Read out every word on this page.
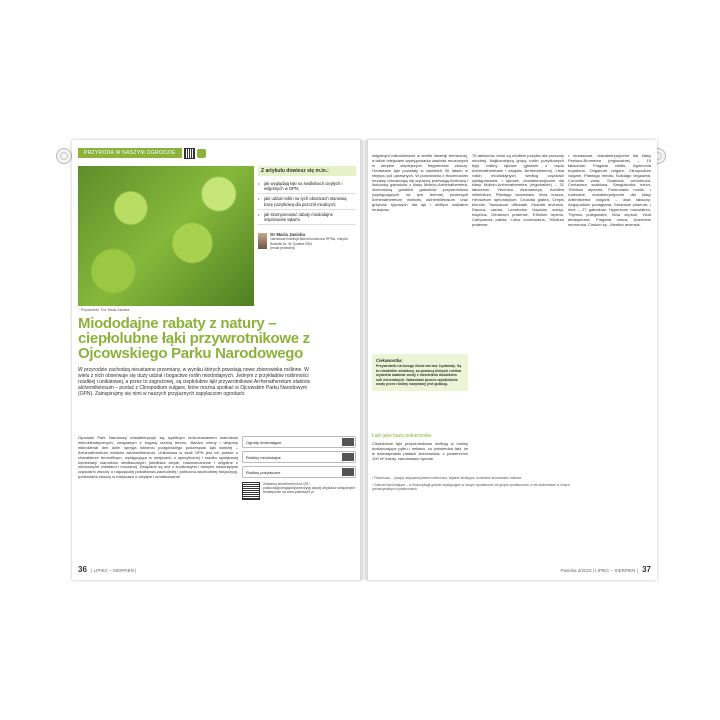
PRZYRODA W NASZYM OGRODZIE
↑ Przywrotnik. Fot. Maria Jasicka
Z artykułu dowiesz się m.in.:
▸ jak wyglądają łąki na siedliskach ciepłych i wilgotnych w OPN;
▸ jaki udział roślin na tych obszarach stanowią bazę pożytkową dla pszczół miodnych;
▸ jak skomponować rabaty miododajne inspirowane łąkami.
Dr Maria Jasicka
Narodowa Kolekcja Bioróżnorodności RPNA, Instytut Botaniki im. W. Szafera PAN
[email protected]
Miododajne rabaty z natury – ciepłolubne łąki przywrotnikowe z Ojcowskiego Parku Narodowego

W przyrodzie zachodzą nieustanne przemiany, w wyniku których powstają nowe zbiorowiska roślinne. W wielu z nich obserwuje się duży udział i bogactwo roślin miododajnych. Jednym z przykładów roślinności rzadkiej i unikatowej, a przez to zagrożonej, są ciepłolubne łąki przywrotnikowe Arrhenatheretum elatioris alchemilletosum – postać z Clinopodium vulgare, które można spotkać w Ojcowskim Parku Narodowym (OPN). Zainspirujmy się nimi w naszych przyjaznych zapylaczom ogrodach.

Ojcowski Park Narodowy charakteryzuje się wybitnym zróżnicowaniem warunków mikroklimatycznych, związanym z bogatą rzeźbą terenu. Bardzo zimny i wilgotny mikroklimat den dolin sprzyja istnieniu podgórskiego podzespołu łąki świeżej – Arrhenatheretum elatioris alchemilletosum. Unikatowa w skali OPN jest ich postać o charakterze termofilnym, występująca w miejscach o specyficznej i rzadko spotykanej kombinacji warunków siedliskowych (siedliska ciepłe, nasłonecznione i wilgotne z okresowymi chłodami i mrozami). Związane są one z środkowymi i dolnymi odsłoniętymi częściami zboczy o najczęściej południowo-zachodniej i północno-wschodniej ekspozycji, podnóżami zboczy w miejscach o ciepłym i umiarkowanie

Ogrody zmieniające
Rośliny miododajne
Rośliny pożyteczne
Zeskanuj smartfonem kod QR i posłuchaj/przeglądnij/przeczytaj więcej artykułów związanych tematycznie na www.pasieka24.pl
36 | LIPIEC – SIERPIEŃ |

wilgotnym mikroklimacie w strefie inwersji termicznej, a także miejscami występowania zastoisk mrozowych w obrębie ciepłejszych fragmentów zboczy. Omawiane łąki powstały w ostatnich 30 latach w miejscu pól uprawnych. W porównaniu z fitocenozami murawy odznaczają się wyraźną przewagą liczbową i ilościową gatunków z klasy Molinio-Arrhenatheretea, obecnością górskich gatunków przywrotników (występujących na tym terenie) podzespół Arrhenatheretum elatioris alchemilletosum oraz grzybów typowych dla łąk i obfitym udziałem muszków.

Ciekawostka:

Przywrotnik na brzegu liścia ma tzw. hydatody. Są to niewielkie struktury, za pomocą których roślina wydziela nadmiar wody z niewielkim dodatkiem soli mineralnych. Natomiast proces wydzielania wody przez rośliny nazywany jest gutacją.

Łąki jako baza pokarmowa

Ciepłolubne łąki przywrotnikowe obfitują w rośliny dostarczające pyłku i nektaru, co potwierdza fakt, że w dziewiętnastu płatach zbiorowiska, o powierzchni 100 m² każdy, zanotowano łącznie

75 taksonów, które są źródłem pożytku dla pszczoły miodnej. Najliczniejszą grupę roślin pożytkowych były rośliny łąkowe (głównie z rzędu Arrhenatheretalia i związku Arrhenatherion). Lista roślin miododajnych według częstości występowania: • łąkowe, charakterystyczne dla klasy Molinio-Arrhenatheretea (regionalnie) – 31 taksonów: Veronica chamaedrys, Achillea millefolium, Plantago lanceolata, Vicia cracca, Heracleum sphondylium, Cruciata glabra, Crepis biennis, Taraxacum officinale, Knautia arvensis, Daucus carota, Leontodon hispidus subsp. hispidus, Geranium pratense, Trifolium repens, Campanula patula, Lotus corniculatus, Trifolium pratense.

• murawowe, charakterystyczne dla klasy Festuco-Brometea (regionalnie) – 15 taksonów: Fragaria viridis, Agrimonia eupatoria, Origanum vulgare, Clinopodium vulgare, Plantago media, Solidago virgaurea, Coronilla varia, Scabiosa ochroleuca, Centaurea scabiosa, Sanguisorba minor, Trifolium alpestre, Pulmonaria mollis. • ruderalne, charakterystyczne dla klasy Artemisietea vulgaris – dwa taksony: Aegopodium podagraria, Geranium phaeum; • inne – 27 gatunków: Hypericum maculatum, Thymus pulegioides, Vicia sepium, Vicia tetrasperma, Fragaria vesca, Anemone nemorosa, Cirsium sp., Mentha arvensis.

¹ Fitocenoza – (nacja) nazywana płatem roślinności, fizjalnie istniejące, konkretne zbiorowisko roślinne.

² Gatunki wyróżniające – w fitosocjologii gatunki występujące w danym syntaksonie lub grupie syntaksonów, a nie stwierdzane w innych porównywanych syntaksonach.

Pasieka 4/2023 | LIPIEC – SIERPIEŃ | 37
